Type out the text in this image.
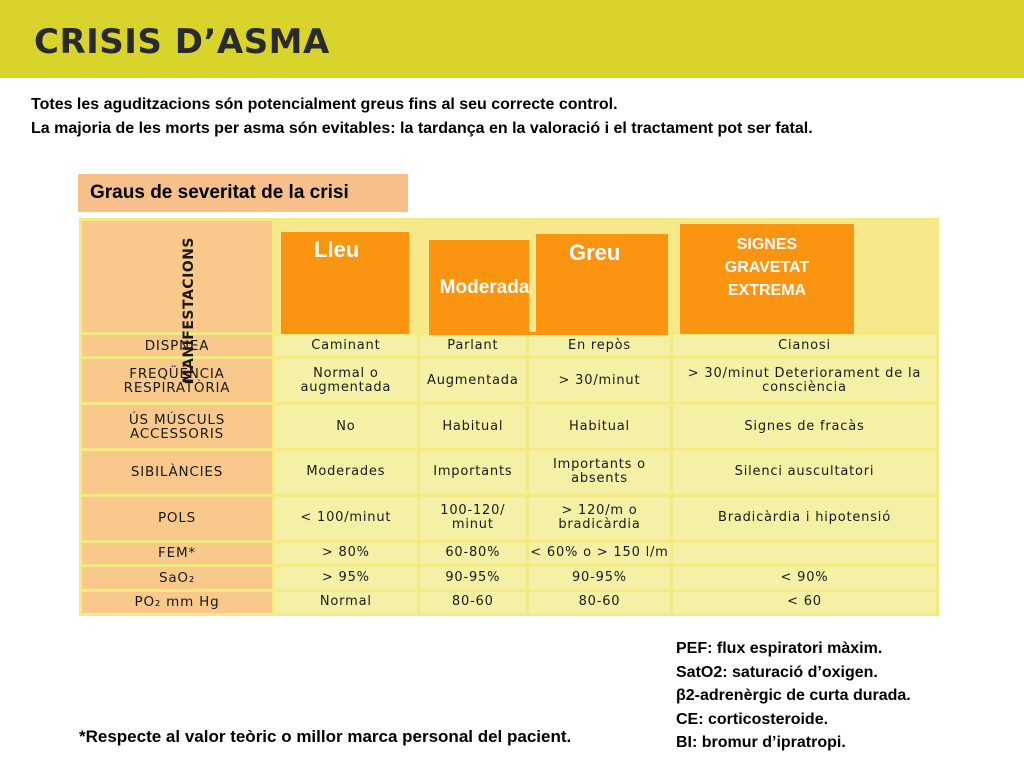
CRISIS D’ASMA

Totes les aguditzacions són potencialment greus fins al seu correcte control.

La majoria de les morts per asma són evitables: la tardança en la valoració i el tractament pot ser fatal.

Graus de severitat de la crisi
MANIFESTACIONS	Lleu	Moderada	Greu	SIGNES
GRAVETAT
EXTREMA

DISPNEA	Caminant	Parlant	En repòs	Cianosi
FREQÜÈNCIA RESPIRATÒRIA	Normal o augmentada	Augmentada	> 30/minut	> 30/minut Deteriorament de la consciència
ÚS MÚSCULS ACCESSORIS	No	Habitual	Habitual	Signes de fracàs
SIBILÀNCIES	Moderades	Importants	Importants o absents	Silenci auscultatori
POLS	< 100/minut	100-120/ minut	> 120/m o bradicàrdia	Bradicàrdia i hipotensió
FEM*	> 80%	60-80%	< 60% o > 150 l/m	
SaO₂	> 95%	90-95%	90-95%	< 90%
PO₂ mm Hg	Normal	80-60	80-60	< 60
PEF: flux espiratori màxim.
SatO2: saturació d’oxigen.
β2-adrenèrgic de curta durada.
CE: corticosteroide.
BI: bromur d’ipratropi.
*Respecte al valor teòric o millor marca personal del pacient.
